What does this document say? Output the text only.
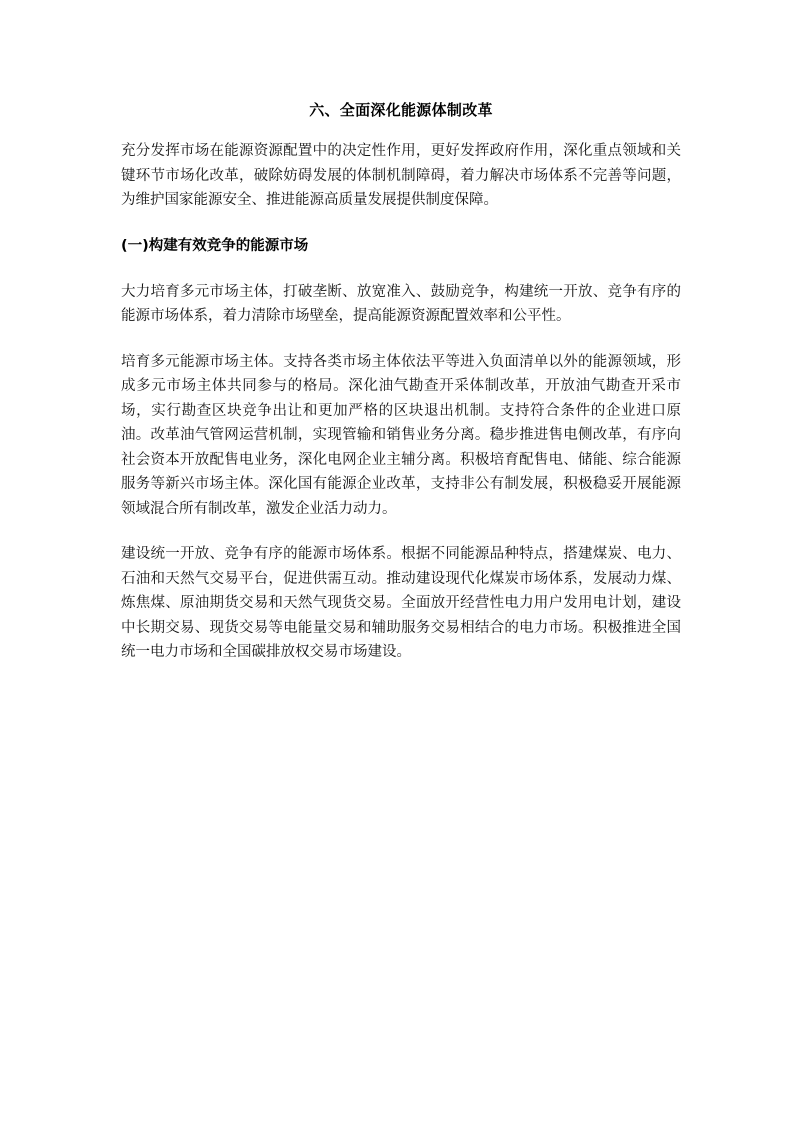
六、全面深化能源体制改革

充分发挥市场在能源资源配置中的决定性作用，更好发挥政府作用，深化重点领域和关键环节市场化改革，破除妨碍发展的体制机制障碍，着力解决市场体系不完善等问题，为维护国家能源安全、推进能源高质量发展提供制度保障。

(一)构建有效竞争的能源市场

大力培育多元市场主体，打破垄断、放宽准入、鼓励竞争，构建统一开放、竞争有序的能源市场体系，着力清除市场壁垒，提高能源资源配置效率和公平性。

培育多元能源市场主体。支持各类市场主体依法平等进入负面清单以外的能源领域，形成多元市场主体共同参与的格局。深化油气勘查开采体制改革，开放油气勘查开采市场，实行勘查区块竞争出让和更加严格的区块退出机制。支持符合条件的企业进口原油。改革油气管网运营机制，实现管输和销售业务分离。稳步推进售电侧改革，有序向社会资本开放配售电业务，深化电网企业主辅分离。积极培育配售电、储能、综合能源服务等新兴市场主体。深化国有能源企业改革，支持非公有制发展，积极稳妥开展能源领域混合所有制改革，激发企业活力动力。

建设统一开放、竞争有序的能源市场体系。根据不同能源品种特点，搭建煤炭、电力、石油和天然气交易平台，促进供需互动。推动建设现代化煤炭市场体系，发展动力煤、炼焦煤、原油期货交易和天然气现货交易。全面放开经营性电力用户发用电计划，建设中长期交易、现货交易等电能量交易和辅助服务交易相结合的电力市场。积极推进全国统一电力市场和全国碳排放权交易市场建设。
